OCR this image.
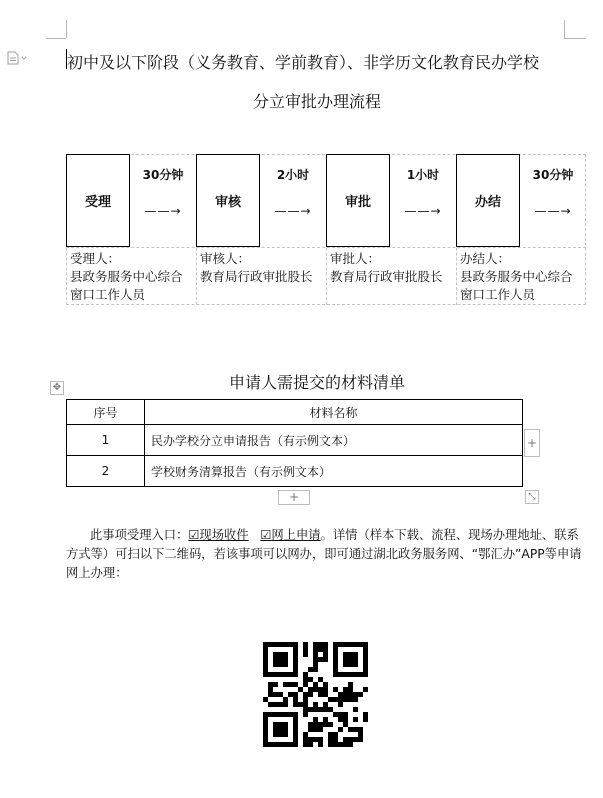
初中及以下阶段（义务教育、学前教育）、非学历文化教育民办学校
分立审批办理流程
受理
30分钟
——→
审核
2小时
——→
审批
1小时
——→
办结
30分钟
——→
受理人：
县政务服务中心综合窗口工作人员
审核人：
教育局行政审批股长
审批人：
教育局行政审批股长
办结人：
县政务服务中心综合窗口工作人员
申请人需提交的材料清单
✥
序号	材料名称
1	民办学校分立申请报告（有示例文本）
2	学校财务清算报告（有示例文本）
+
+	⤡
此事项受理入口：☑现场收件 ☑网上申请。详情（样本下载、流程、现场办理地址、联系方式等）可扫以下二维码，若该事项可以网办，即可通过湖北政务服务网、“鄂汇办”APP等申请网上办理：
